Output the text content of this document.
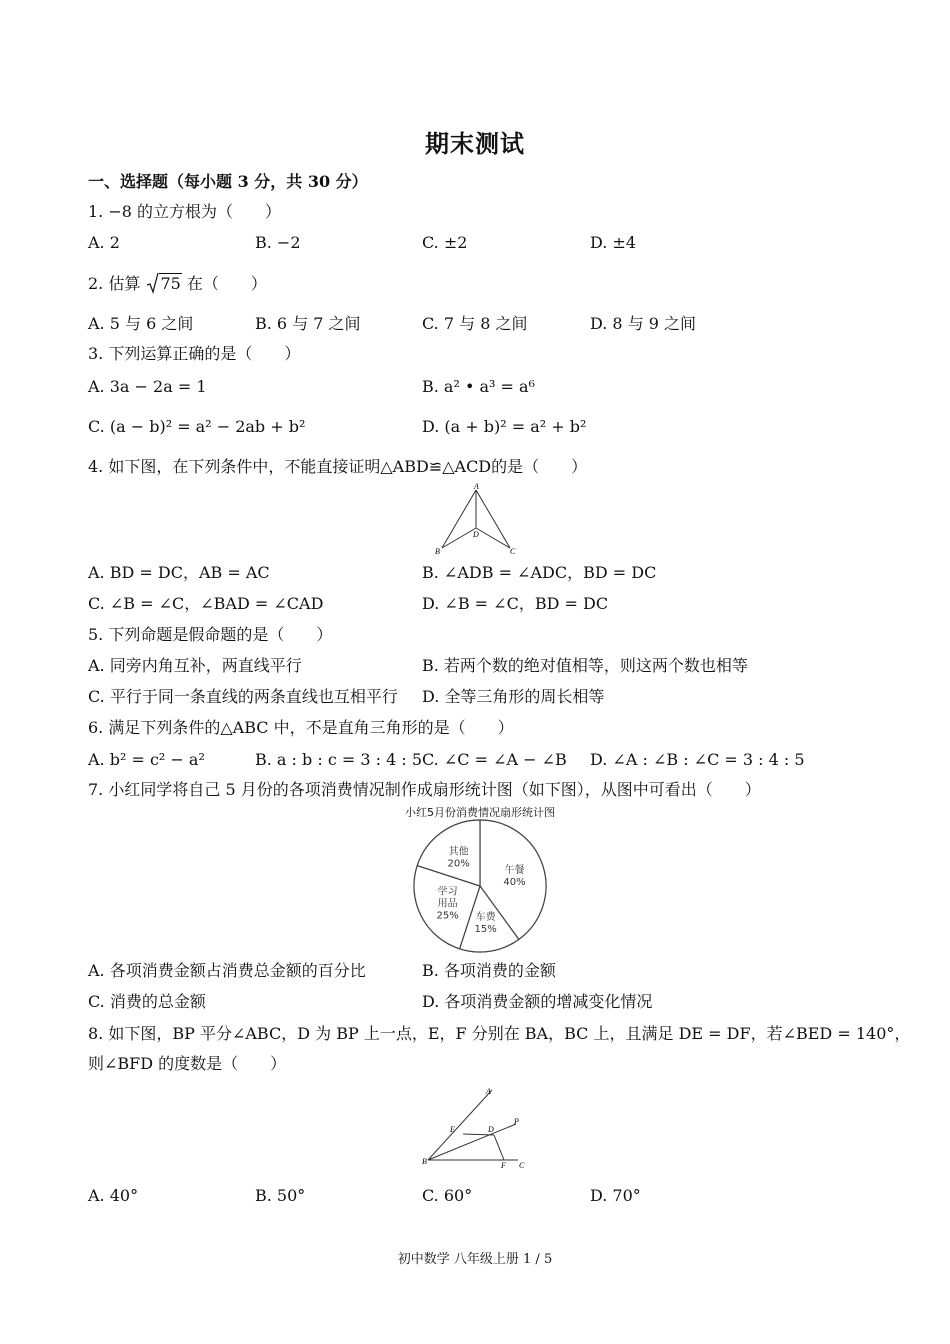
期末测试
一、选择题（每小题 3 分，共 30 分）
1. −8 的立方根为（　　）
A. 2	B. −2	C. ±2	D. ±4
2. 估算 75 在（　　）
A. 5 与 6 之间	B. 6 与 7 之间	C. 7 与 8 之间	D. 8 与 9 之间
3. 下列运算正确的是（　　）
A. 3a − 2a = 1	B. a² • a³ = a⁶
C. (a − b)² = a² − 2ab + b²	D. (a + b)² = a² + b²
4. 如下图，在下列条件中，不能直接证明△ABD≌△ACD的是（　　）
A
B	C
D
A. BD = DC，AB = AC	B. ∠ADB = ∠ADC，BD = DC
C. ∠B = ∠C，∠BAD = ∠CAD	D. ∠B = ∠C，BD = DC
5. 下列命题是假命题的是（　　）
A. 同旁内角互补，两直线平行	B. 若两个数的绝对值相等，则这两个数也相等
C. 平行于同一条直线的两条直线也互相平行 D. 全等三角形的周长相等
6. 满足下列条件的△ABC 中，不是直角三角形的是（　　）
A. b² = c² − a²	B. a : b : c = 3 : 4 : 5 C. ∠C = ∠A − ∠B D. ∠A : ∠B : ∠C = 3 : 4 : 5
7. 小红同学将自己 5 月份的各项消费情况制作成扇形统计图（如下图），从图中可看出（　　）
小红5月份消费情况扇形统计图
午餐
40%
车费
15%
学习
用品
25%
其他
20%
A. 各项消费金额占消费总金额的百分比	B. 各项消费的金额
C. 消费的总金额	D. 各项消费金额的增减变化情况
8. 如下图，BP 平分∠ABC，D 为 BP 上一点，E，F 分别在 BA，BC 上，且满足 DE = DF，若∠BED = 140°，
则∠BFD 的度数是（　　）
A
E	D
P
B	F C
A. 40°	B. 50°	C. 60°	D. 70°
初中数学 八年级上册 1 / 5
